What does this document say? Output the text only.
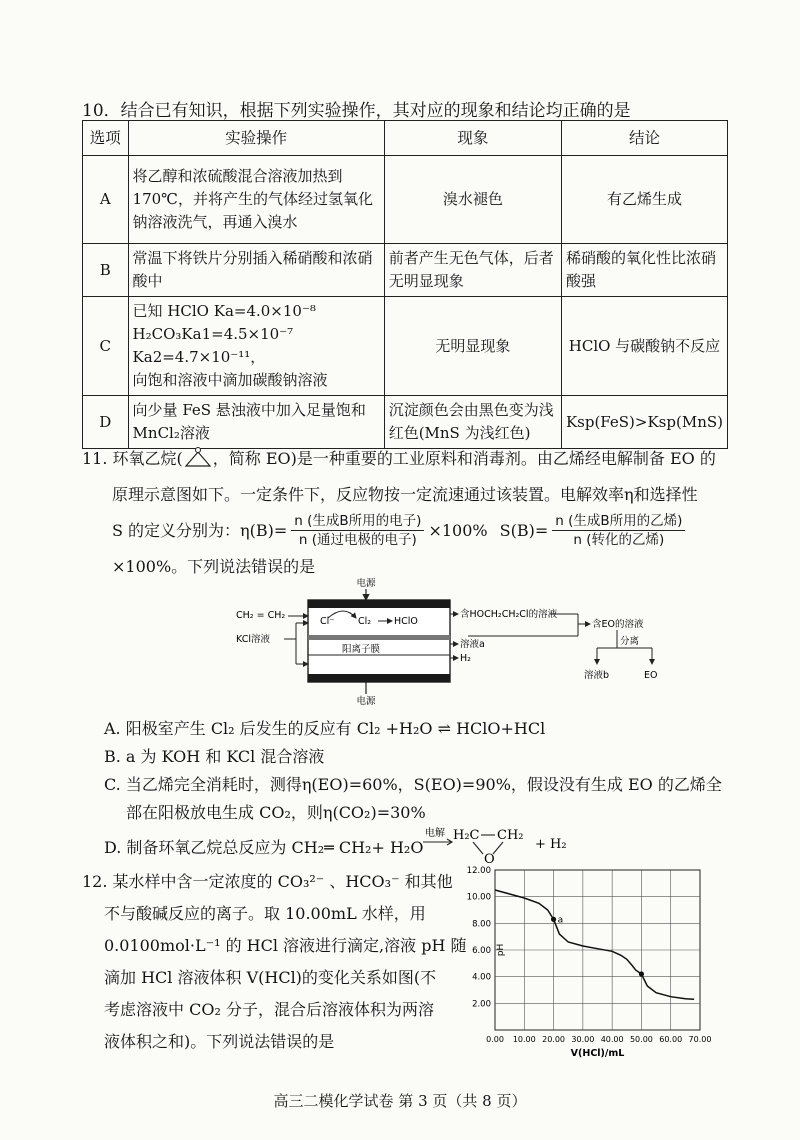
10．结合已有知识，根据下列实验操作，其对应的现象和结论均正确的是
选项	实验操作	现象	结论
A	将乙醇和浓硫酸混合溶液加热到170℃，并将产生的气体经过氢氧化钠溶液洗气，再通入溴水	溴水褪色	有乙烯生成
B	常温下将铁片分别插入稀硝酸和浓硝酸中	前者产生无色气体，后者无明显现象	稀硝酸的氧化性比浓硝酸强
C	已知 HClO Ka=4.0×10⁻⁸
H₂CO₃Ka1=4.5×10⁻⁷ Ka2=4.7×10⁻¹¹，
向饱和溶液中滴加碳酸钠溶液	无明显现象	HClO 与碳酸钠不反应
D	向少量 FeS 悬浊液中加入足量饱和MnCl₂溶液	沉淀颜色会由黑色变为浅红色(MnS 为浅红色)	Ksp(FeS)>Ksp(MnS)
11. 环氧乙烷( ，简称 EO)是一种重要的工业原料和消毒剂。由乙烯经电解制备 EO 的
原理示意图如下。一定条件下，反应物按一定流速通过该装置。电解效率η和选择性
S 的定义分别为：$\eta(B)= \frac{\text{n (生成B所用的电子)}}{\text{n (通过电极的电子)}} \times 100\%$ $S(B)= \frac{\text{n (生成B所用的乙烯)}}{\text{n (转化的乙烯)}}$
×100%。下列说法错误的是
电源
CH₂ = CH₂
KCl溶液
Cl⁻ Cl₂ HClO
阳离子膜
含HOCH₂CH₂Cl的溶液
溶液a
H₂
含EO的溶液
分离
溶液b	EO
电源
A. 阳极室产生 Cl₂ 后发生的反应有 Cl₂ +H₂O ⇌ HClO+HCl
B. a 为 KOH 和 KCl 混合溶液
C. 当乙烯完全消耗时，测得η(EO)=60%，S(EO)=90%，假设没有生成 EO 的乙烯全
部在阳极放电生成 CO₂，则η(CO₂)=30%
D. 制备环氧乙烷总反应为 CH₂═ CH₂+ H₂O
电解 H₂C CH₂
O
+ H₂
12. 某水样中含一定浓度的 CO₃²⁻ 、HCO₃⁻ 和其他
不与酸碱反应的离子。取 10.00mL 水样，用
0.0100mol·L⁻¹ 的 HCl 溶液进行滴定,溶液 pH 随
滴加 HCl 溶液体积 V(HCl)的变化关系如图(不
考虑溶液中 CO₂ 分子，混合后溶液体积为两溶
液体积之和)。下列说法错误的是	0.00 10.00 20.00 30.00 40.00 50.00 60.00 70.00
2.00
4.00
6.00
8.00
10.00
12.00
V(HCl)/mL
pH
a
高三二模化学试卷 第 3 页（共 8 页）
